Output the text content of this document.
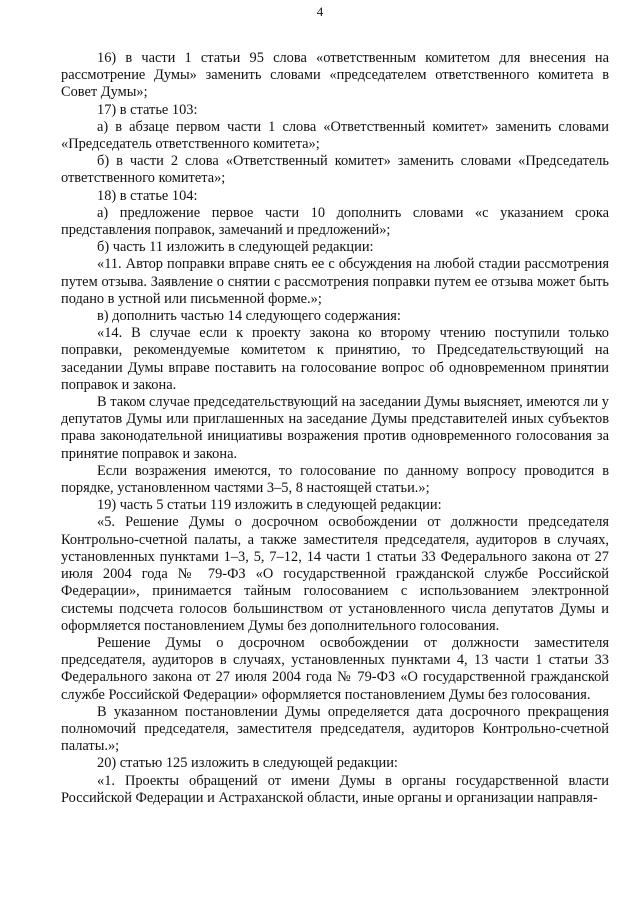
4

16) в части 1 статьи 95 слова «ответственным комитетом для внесения на рассмотрение Думы» заменить словами «председателем ответственного комитета в Совет Думы»;

17) в статье 103:

а) в абзаце первом части 1 слова «Ответственный комитет» заменить словами «Председатель ответственного комитета»;

б) в части 2 слова «Ответственный комитет» заменить словами «Председатель ответственного комитета»;

18) в статье 104:

а) предложение первое части 10 дополнить словами «с указанием срока представления поправок, замечаний и предложений»;

б) часть 11 изложить в следующей редакции:

«11. Автор поправки вправе снять ее с обсуждения на любой стадии рассмотрения путем отзыва. Заявление о снятии с рассмотрения поправки путем ее отзыва может быть подано в устной или письменной форме.»;

в) дополнить частью 14 следующего содержания:

«14. В случае если к проекту закона ко второму чтению поступили только поправки, рекомендуемые комитетом к принятию, то Председательствующий на заседании Думы вправе поставить на голосование вопрос об одновременном принятии поправок и закона.

В таком случае председательствующий на заседании Думы выясняет, имеются ли у депутатов Думы или приглашенных на заседание Думы представителей иных субъектов права законодательной инициативы возражения против одновременного голосования за принятие поправок и закона.

Если возражения имеются, то голосование по данному вопросу проводится в порядке, установленном частями 3–5, 8 настоящей статьи.»;

19) часть 5 статьи 119 изложить в следующей редакции:

«5. Решение Думы о досрочном освобождении от должности председателя Контрольно-счетной палаты, а также заместителя председателя, аудиторов в случаях, установленных пунктами 1–3, 5, 7–12, 14 части 1 статьи 33 Федерального закона от 27 июля 2004 года № 79-ФЗ «О государственной гражданской службе Российской Федерации», принимается тайным голосованием с использованием электронной системы подсчета голосов большинством от установленного числа депутатов Думы и оформляется постановлением Думы без дополнительного голосования.

Решение Думы о досрочном освобождении от должности заместителя председателя, аудиторов в случаях, установленных пунктами 4, 13 части 1 статьи 33 Федерального закона от 27 июля 2004 года № 79-ФЗ «О государственной гражданской службе Российской Федерации» оформляется постановлением Думы без голосования.

В указанном постановлении Думы определяется дата досрочного прекращения полномочий председателя, заместителя председателя, аудиторов Контрольно-счетной палаты.»;

20) статью 125 изложить в следующей редакции:

«1. Проекты обращений от имени Думы в органы государственной власти Российской Федерации и Астраханской области, иные органы и организации направля-
